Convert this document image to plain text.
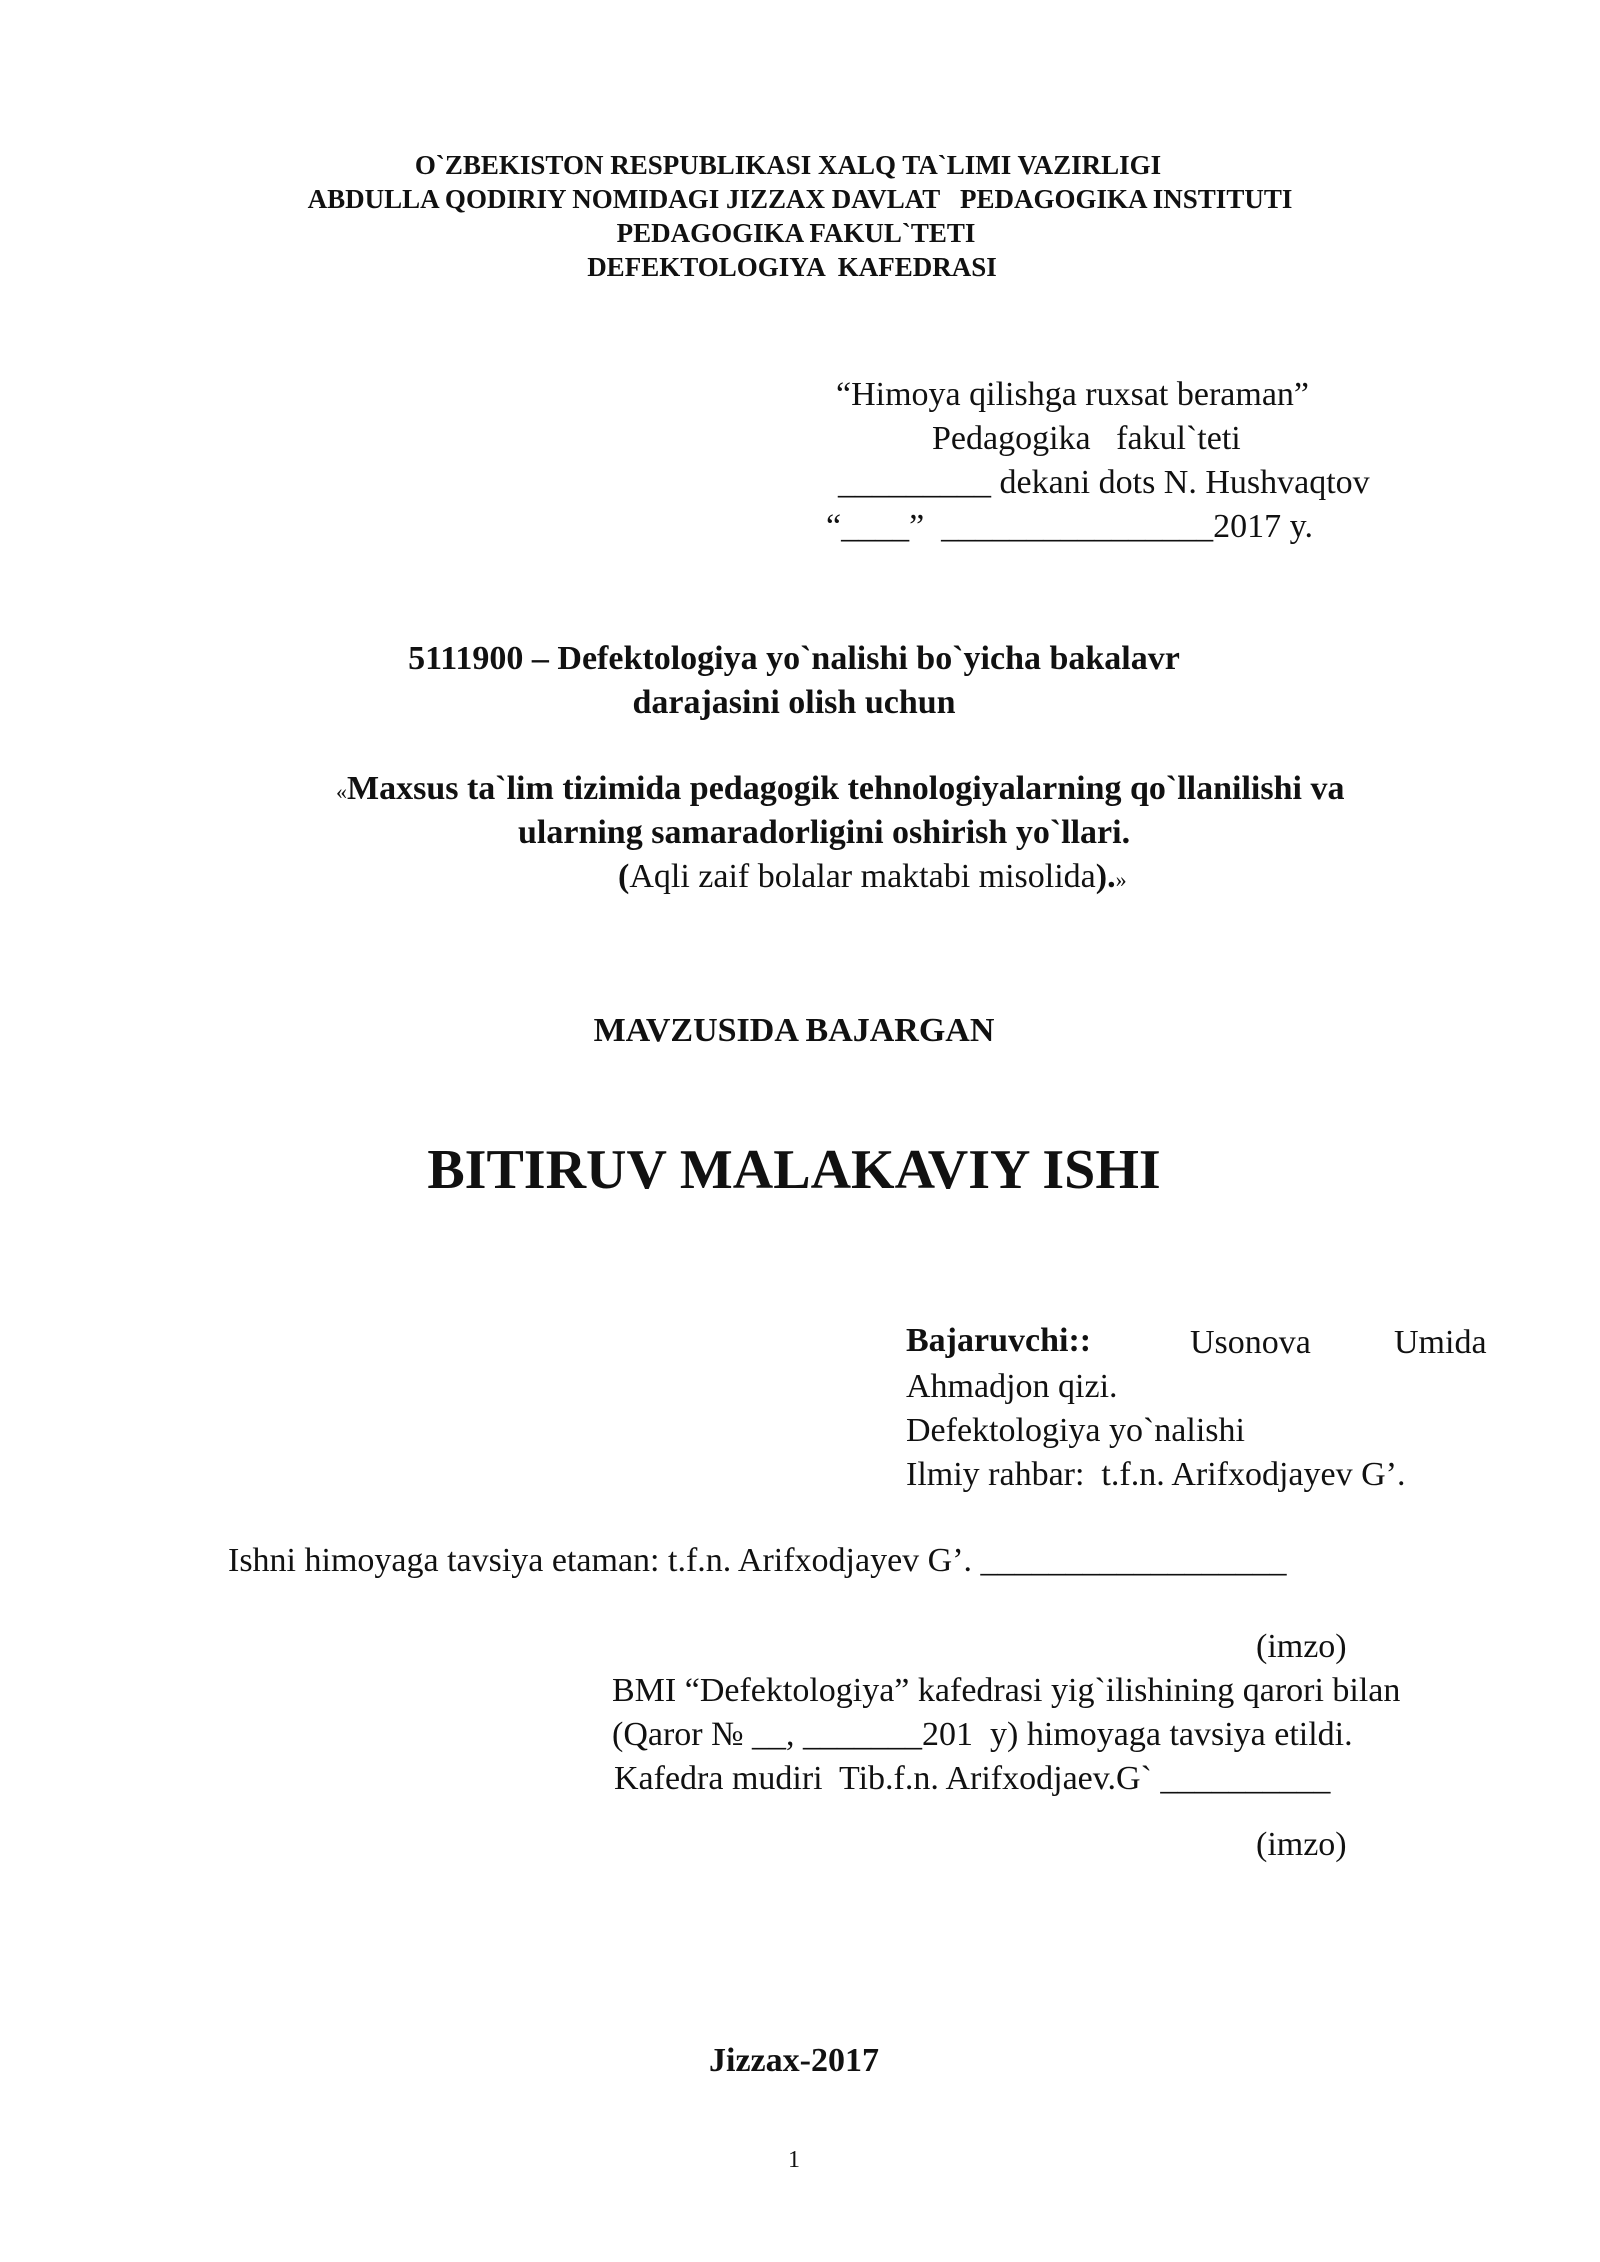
O`ZBEKISTON RESPUBLIKASI XALQ TA`LIMI VAZIRLIGI
ABDULLA QODIRIY NOMIDAGI JIZZAX DAVLAT   PEDAGOGIKA INSTITUTI
PEDAGOGIKA FAKUL`TETI
DEFEKTOLOGIYA  KAFEDRASI
“Himoya qilishga ruxsat beraman”
Pedagogika   fakul`teti
_________ dekani dots N. Hushvaqtov
“____”  ________________2017 y.
5111900 – Defektologiya yo`nalishi bo`yicha bakalavr
darajasini olish uchun
«Maxsus ta`lim tizimida pedagogik tehnologiyalarning qo`llanilishi va
ularning samaradorligini oshirish yo`llari.
(Aqli zaif bolalar maktabi misolida).»
MAVZUSIDA BAJARGAN
BITIRUV MALAKAVIY ISHI
Bajaruvchi::	Usonova Umida
Ahmadjon qizi.
Defektologiya yo`nalishi
Ilmiy rahbar:  t.f.n. Arifxodjayev G’.
Ishni himoyaga tavsiya etaman: t.f.n. Arifxodjayev G’. __________________
(imzo)
BMI “Defektologiya” kafedrasi yig`ilishining qarori bilan
(Qaror № __, _______201  y) himoyaga tavsiya etildi.
Kafedra mudiri  Tib.f.n. Arifxodjaev.G` __________
(imzo)
Jizzax-2017
1
